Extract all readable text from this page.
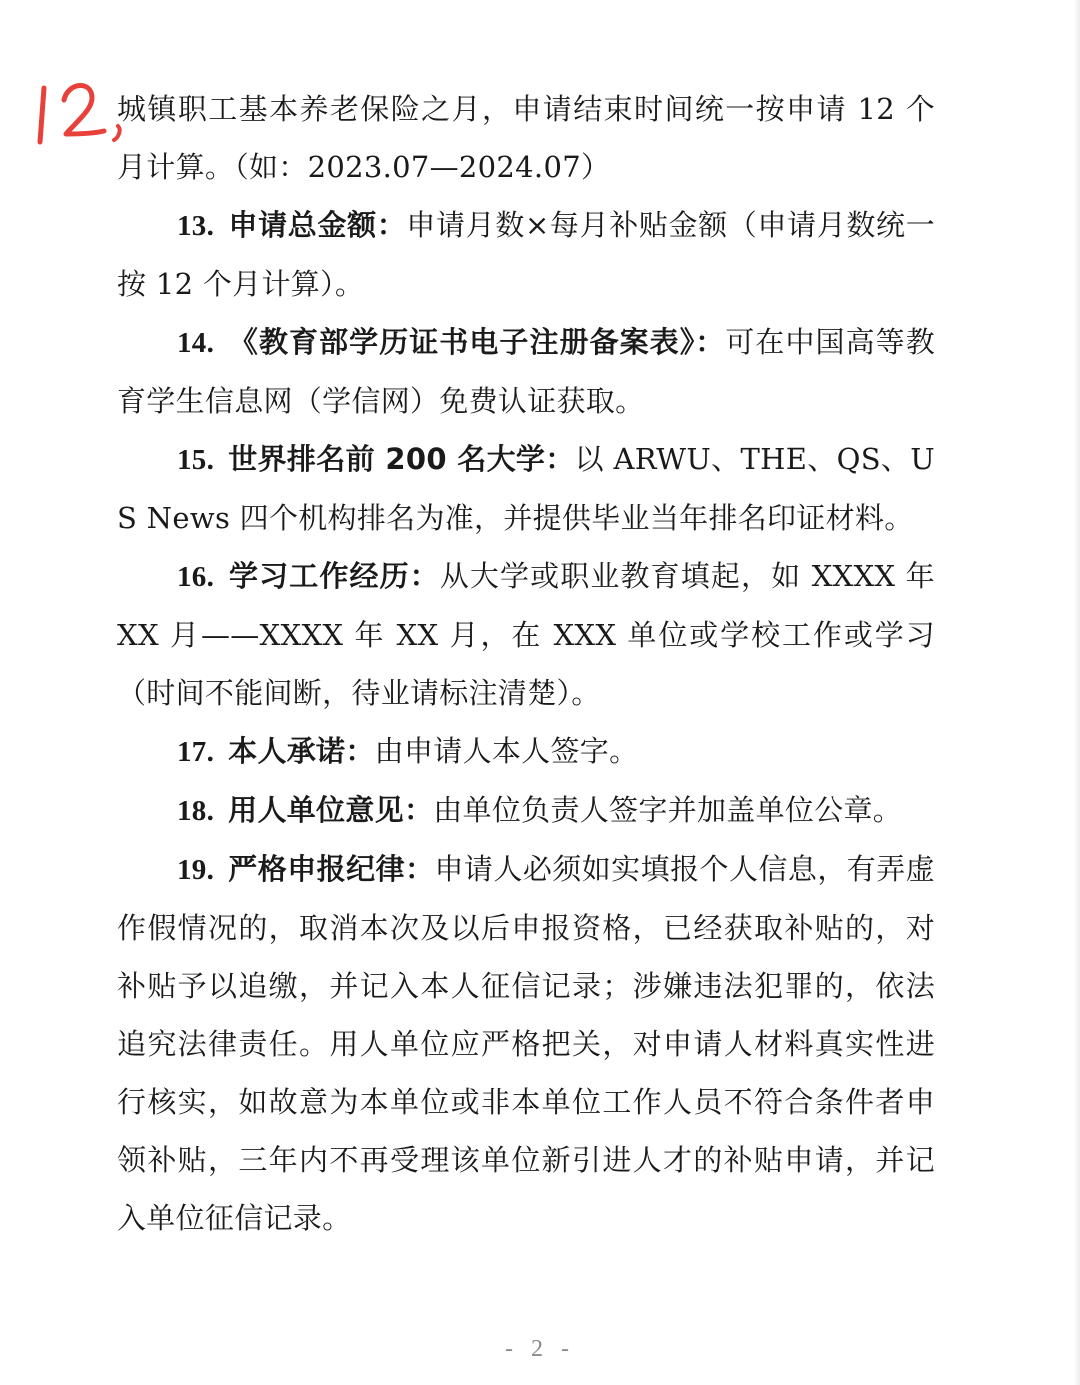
城镇职工基本养老保险之月，申请结束时间统一按申请 12 个月计算。（如：2023.07—2024.07）

13. 申请总金额：申请月数×每月补贴金额（申请月数统一按 12 个月计算）。

14. 《教育部学历证书电子注册备案表》：可在中国高等教育学生信息网（学信网）免费认证获取。

15. 世界排名前 200 名大学：以 ARWU、THE、QS、US News 四个机构排名为准，并提供毕业当年排名印证材料。

16. 学习工作经历：从大学或职业教育填起，如 XXXX 年 XX 月——XXXX 年 XX 月，在 XXX 单位或学校工作或学习（时间不能间断，待业请标注清楚）。

17. 本人承诺：由申请人本人签字。

18. 用人单位意见：由单位负责人签字并加盖单位公章。

19. 严格申报纪律：申请人必须如实填报个人信息，有弄虚作假情况的，取消本次及以后申报资格，已经获取补贴的，对补贴予以追缴，并记入本人征信记录；涉嫌违法犯罪的，依法追究法律责任。用人单位应严格把关，对申请人材料真实性进行核实，如故意为本单位或非本单位工作人员不符合条件者申领补贴，三年内不再受理该单位新引进人才的补贴申请，并记入单位征信记录。

- 2 -
